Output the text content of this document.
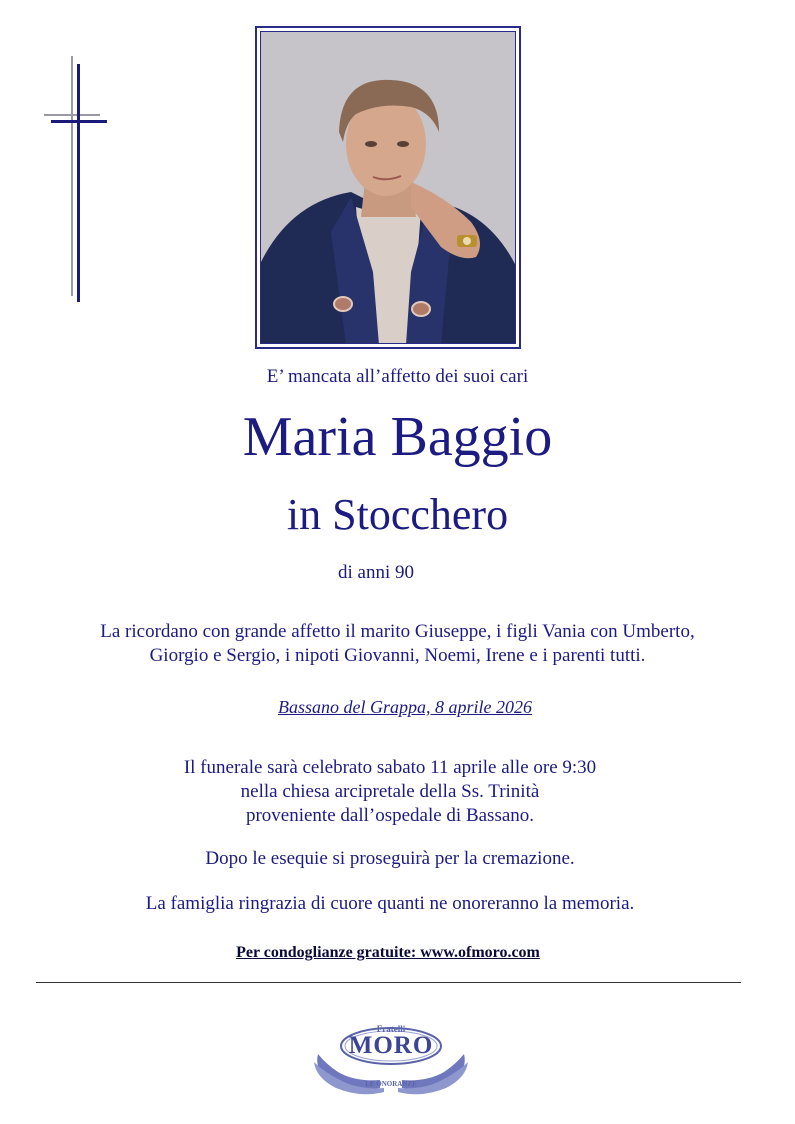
E’ mancata all’affetto dei suoi cari
Maria Baggio
in Stocchero
di anni 90
La ricordano con grande affetto il marito Giuseppe, i figli Vania con Umberto,
Giorgio e Sergio, i nipoti Giovanni, Noemi, Irene e i parenti tutti.
Bassano del Grappa, 8 aprile 2026
Il funerale sarà celebrato sabato 11 aprile alle ore 9:30
nella chiesa arcipretale della Ss. Trinità
proveniente dall’ospedale di Bassano.
Dopo le esequie si proseguirà per la cremazione.
La famiglia ringrazia di cuore quanti ne onoreranno la memoria.
Per condoglianze gratuite: www.ofmoro.com
Fratelli
MORO
LE ONORANZE
